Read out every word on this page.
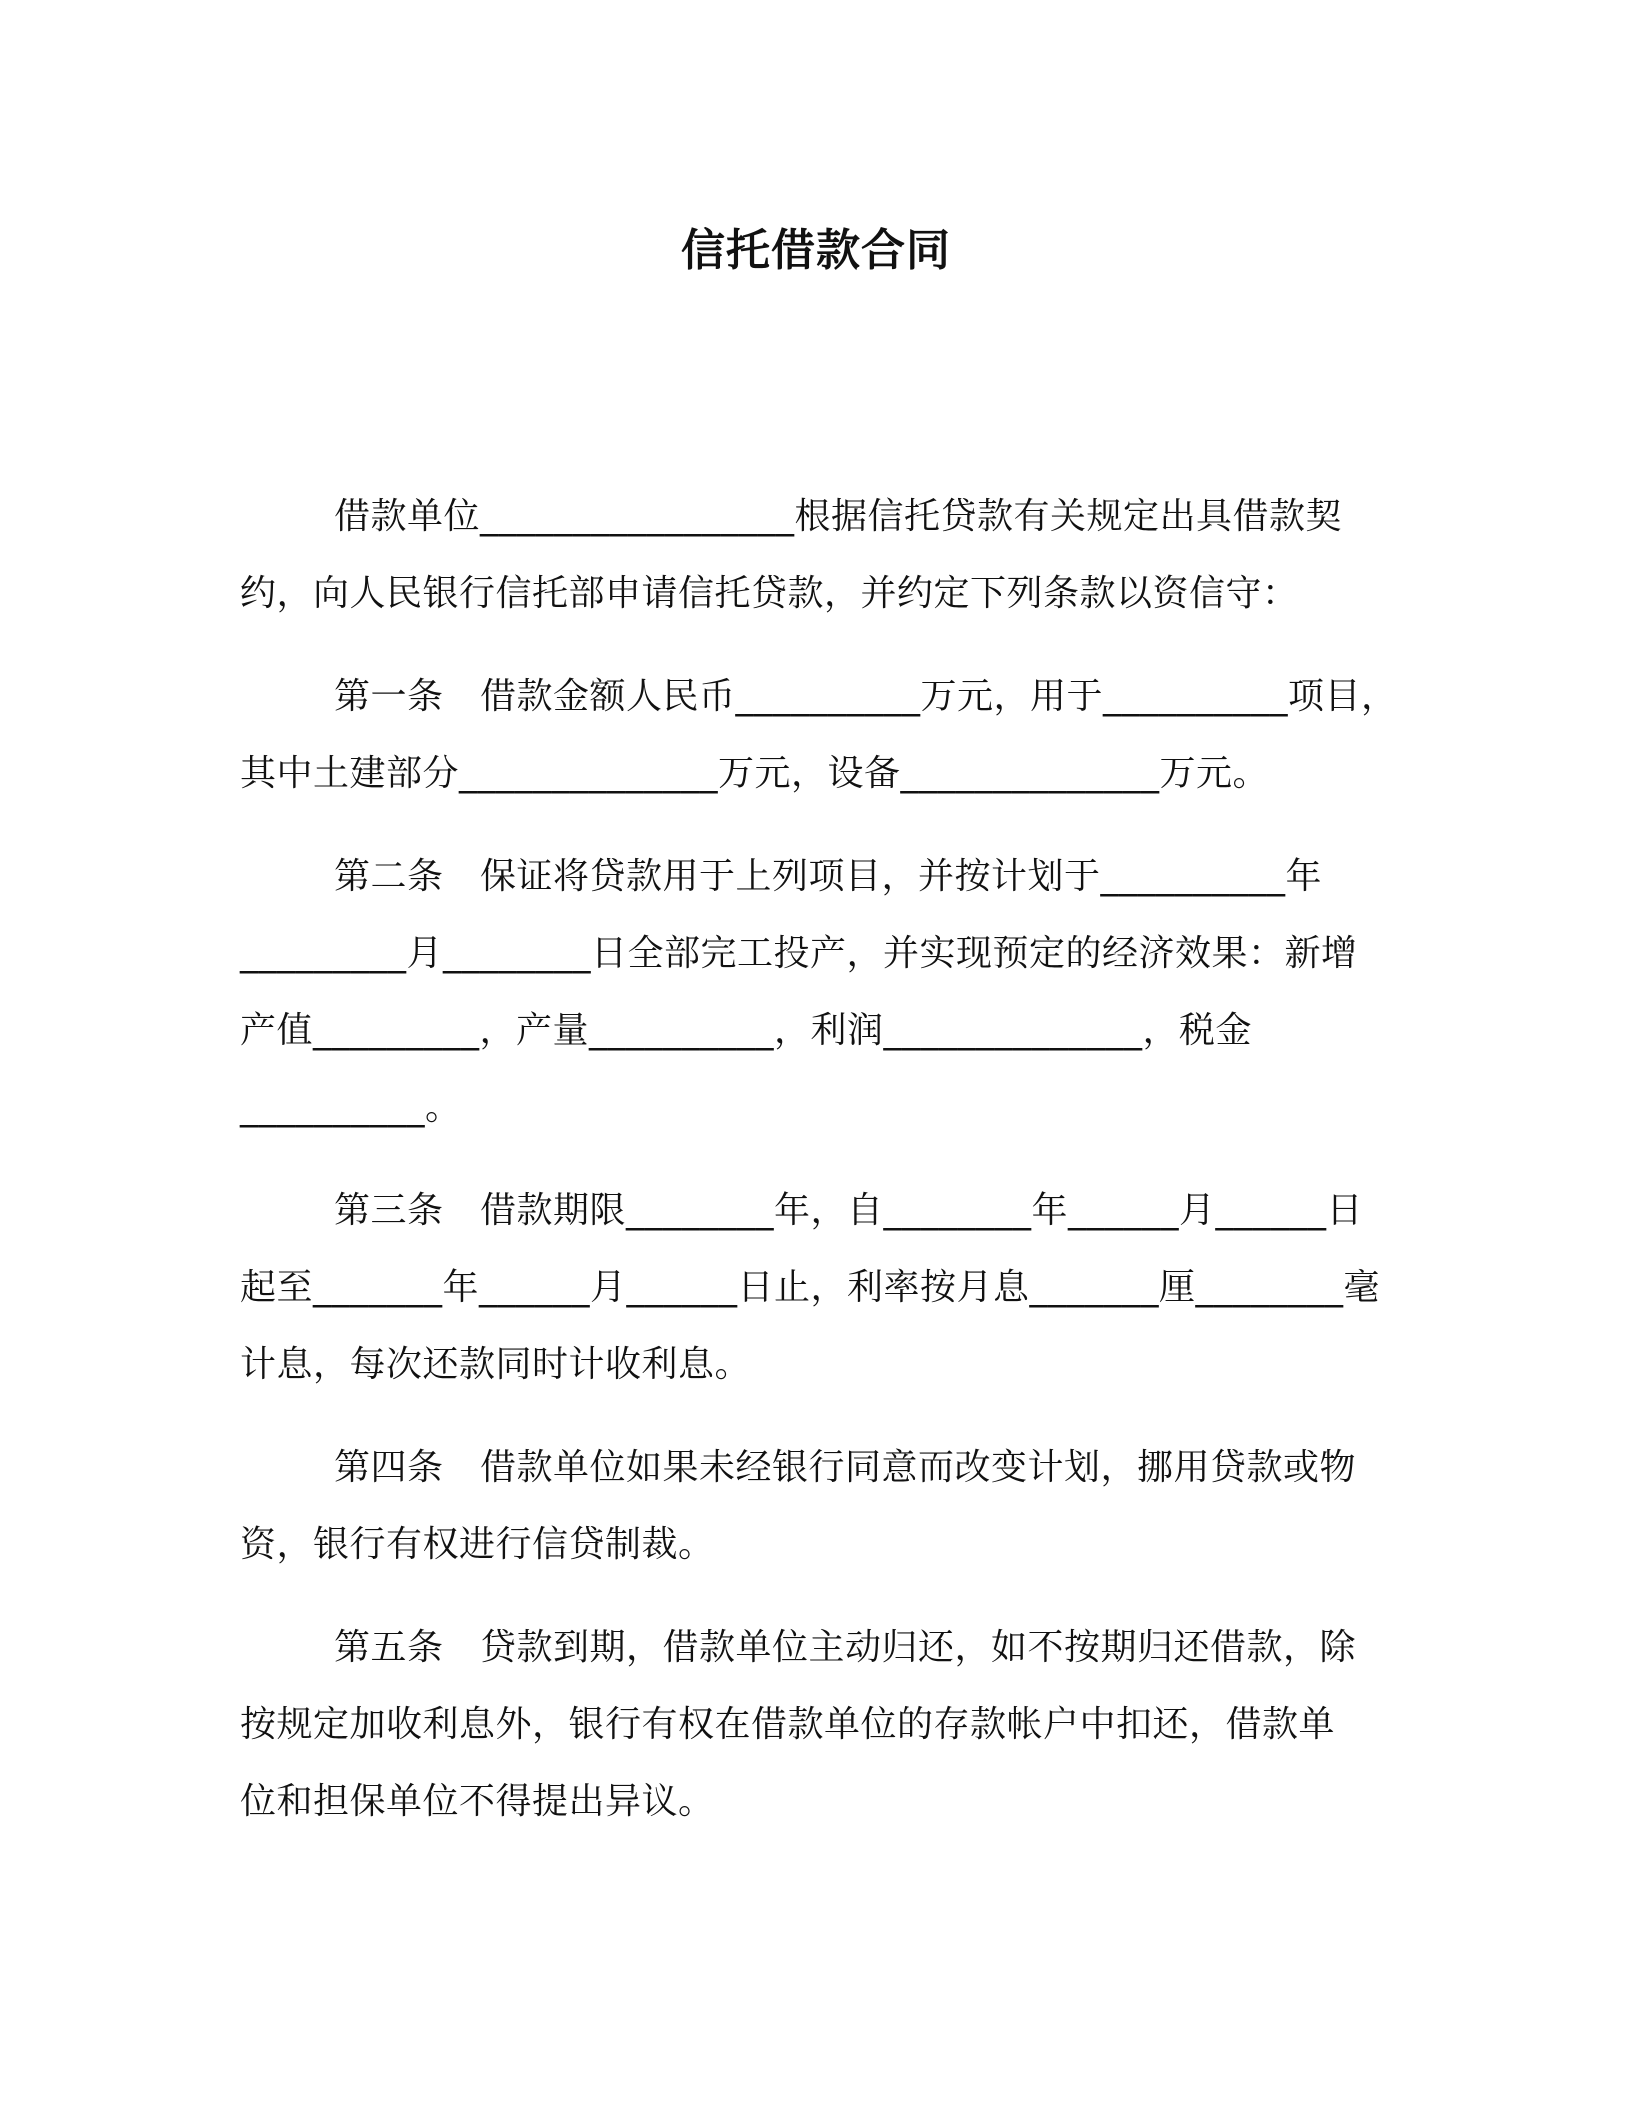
信托借款合同
借款单位_________________根据信托贷款有关规定出具借款契
约，向人民银行信托部申请信托贷款，并约定下列条款以资信守：
第一条　借款金额人民币__________万元，用于__________项目，
其中土建部分______________万元，设备______________万元。
第二条　保证将贷款用于上列项目，并按计划于__________年
_________月________日全部完工投产，并实现预定的经济效果：新增
产值_________，产量__________，利润______________，税金
__________。
第三条　借款期限________年，自________年______月______日
起至_______年______月______日止，利率按月息_______厘________毫
计息，每次还款同时计收利息。
第四条　借款单位如果未经银行同意而改变计划，挪用贷款或物
资，银行有权进行信贷制裁。
第五条　贷款到期，借款单位主动归还，如不按期归还借款，除
按规定加收利息外，银行有权在借款单位的存款帐户中扣还，借款单
位和担保单位不得提出异议。
